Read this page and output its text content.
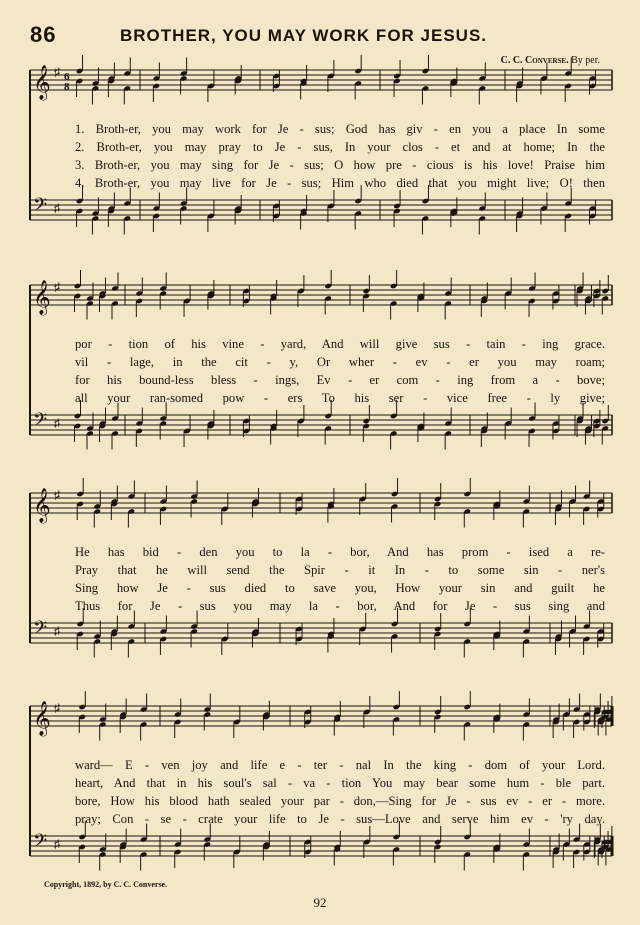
86	BROTHER, YOU MAY WORK FOR JESUS.
C. C. Converse. By per.
𝄞 ♯
𝄢 ♯
6
8
1. Broth-er, you may work for Je - sus; God has giv - en you a place In some
2. Broth-er, you may pray to Je - sus, In your clos - et and at home; In the
3. Broth-er, you may sing for Je - sus; O how pre - cious is his love! Praise him
4. Broth-er, you may live for Je - sus; Him who died that you might live; O! then
𝄞 ♯
𝄢 ♯
por - tion of his vine - yard, And will give sus - tain - ing grace.
vil - lage, in the cit - y, Or wher - ev - er you may roam;
for his bound-less bless - ings, Ev - er com - ing from a - bove;
all your ran-somed pow - ers To his ser - vice free - ly give;
𝄞 ♯
𝄢 ♯
He has bid - den you to la - bor, And has prom - ised a re-
Pray that he will send the Spir - it In - to some sin - ner's
Sing how Je - sus died to save you, How your sin and guilt he
Thus for Je - sus you may la - bor, And for Je - sus sing and
𝄞 ♯
𝄢 ♯
ward— E - ven joy and life e - ter - nal In the king - dom of your Lord.
heart, And that in his soul's sal - va - tion You may bear some hum - ble part.
bore, How his blood hath sealed your par - don,—Sing for Je - sus ev - er - more.
pray; Con - se - crate your life to Je - sus—Love and serve him ev - 'ry day.
Copyright, 1892, by C. C. Converse.
92
